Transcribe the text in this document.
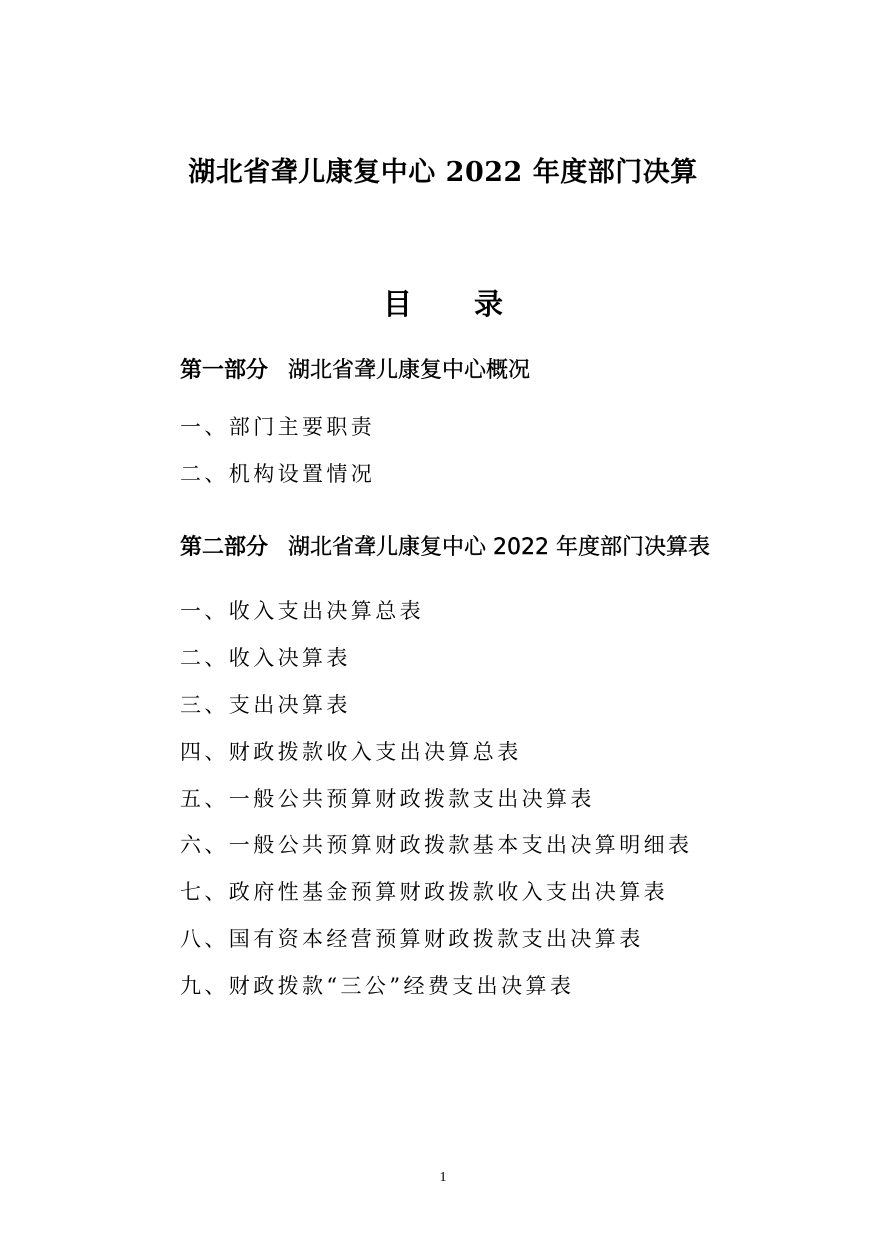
湖北省聋儿康复中心 2022 年度部门决算
目 录
第一部分 湖北省聋儿康复中心概况
一、部门主要职责
二、机构设置情况
第二部分 湖北省聋儿康复中心 2022 年度部门决算表
一、收入支出决算总表
二、收入决算表
三、支出决算表
四、财政拨款收入支出决算总表
五、一般公共预算财政拨款支出决算表
六、一般公共预算财政拨款基本支出决算明细表
七、政府性基金预算财政拨款收入支出决算表
八、国有资本经营预算财政拨款支出决算表
九、财政拨款“三公”经费支出决算表
1
